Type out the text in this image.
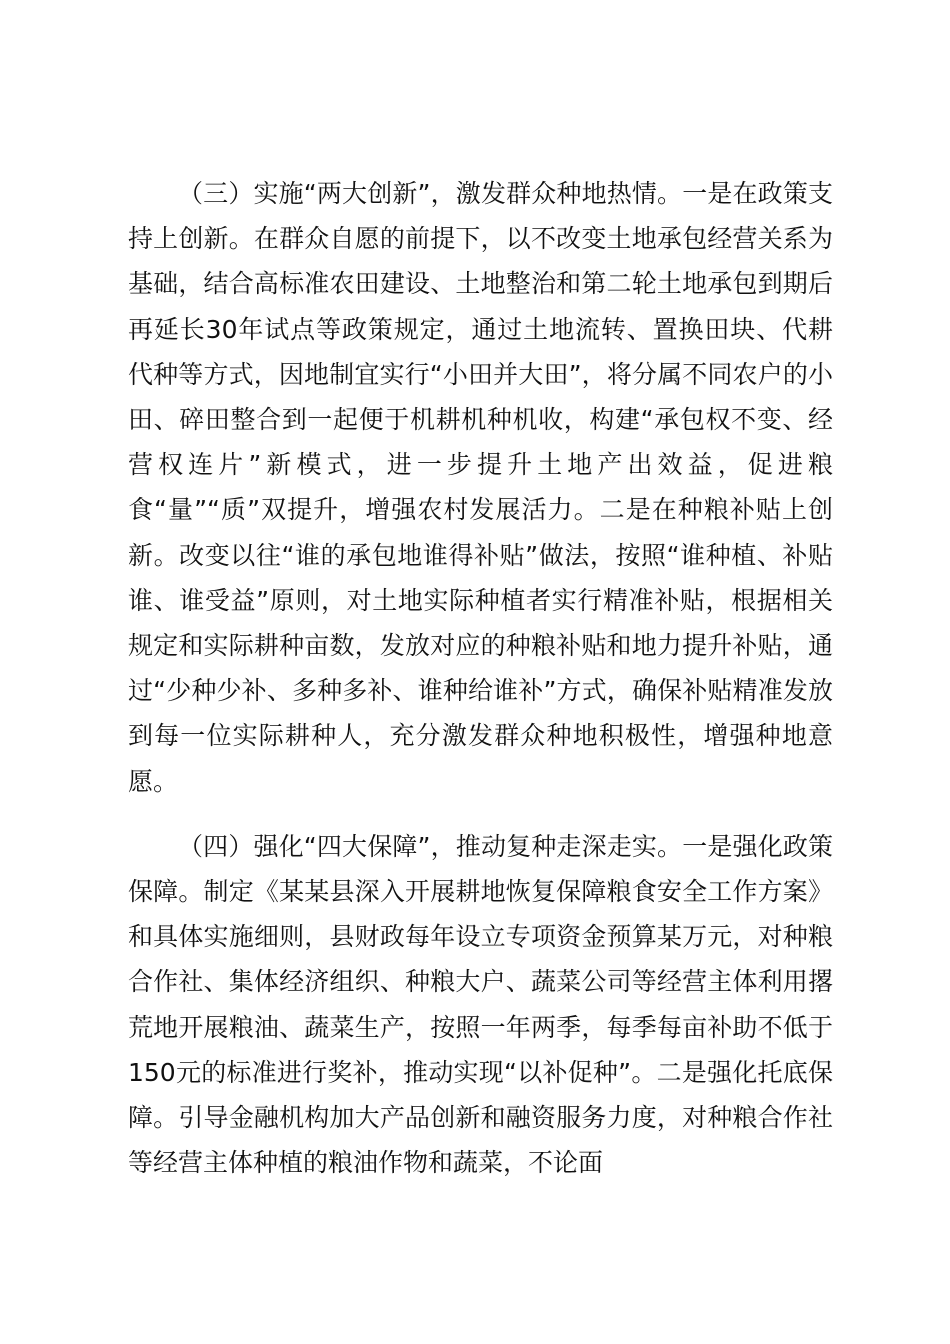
（三）实施“两大创新”，激发群众种地热情。一是在政策支持上创新。在群众自愿的前提下，以不改变土地承包经营关系为基础，结合高标准农田建设、土地整治和第二轮土地承包到期后再延长30年试点等政策规定，通过土地流转、置换田块、代耕代种等方式，因地制宜实行“小田并大田”，将分属不同农户的小田、碎田整合到一起便于机耕机种机收，构建“承包权不变、经营权连片”新模式，进一步提升土地产出效益，促进粮食“量”“质”双提升，增强农村发展活力。二是在种粮补贴上创新。改变以往“谁的承包地谁得补贴”做法，按照“谁种植、补贴谁、谁受益”原则，对土地实际种植者实行精准补贴，根据相关规定和实际耕种亩数，发放对应的种粮补贴和地力提升补贴，通过“少种少补、多种多补、谁种给谁补”方式，确保补贴精准发放到每一位实际耕种人，充分激发群众种地积极性，增强种地意愿。

（四）强化“四大保障”，推动复种走深走实。一是强化政策保障。制定《某某县深入开展耕地恢复保障粮食安全工作方案》和具体实施细则，县财政每年设立专项资金预算某万元，对种粮合作社、集体经济组织、种粮大户、蔬菜公司等经营主体利用撂荒地开展粮油、蔬菜生产，按照一年两季，每季每亩补助不低于150元的标准进行奖补，推动实现“以补促种”。二是强化托底保障。引导金融机构加大产品创新和融资服务力度，对种粮合作社等经营主体种植的粮油作物和蔬菜，不论面
